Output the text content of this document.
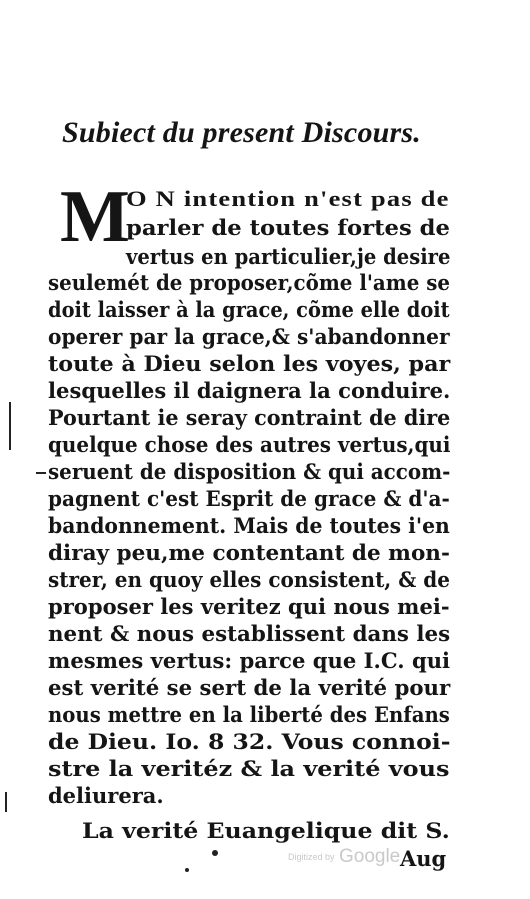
Subiect du present Discours.
M
O N intention n'est pas de
parler de toutes fortes de
vertus en particulier,je desire
seulemét de proposer,cõme l'ame se
doit laisser à la grace, cõme elle doit
operer par la grace,& s'abandonner
toute à Dieu selon les voyes, par
lesquelles il daignera la conduire.
Pourtant ie seray contraint de dire
quelque chose des autres vertus,qui
seruent de disposition & qui accom-
pagnent c'est Esprit de grace & d'a-
bandonnement. Mais de toutes i'en
diray peu,me contentant de mon-
strer, en quoy elles consistent, & de
proposer les veritez qui nous mei-
nent & nous establissent dans les
mesmes vertus: parce que I.C. qui
est verité se sert de la verité pour
nous mettre en la liberté des Enfans
de Dieu. Io. 8 32. Vous connoi-
stre la veritéz & la verité vous
deliurera.
La verité Euangelique dit S.
Aug
Digitized by Google
